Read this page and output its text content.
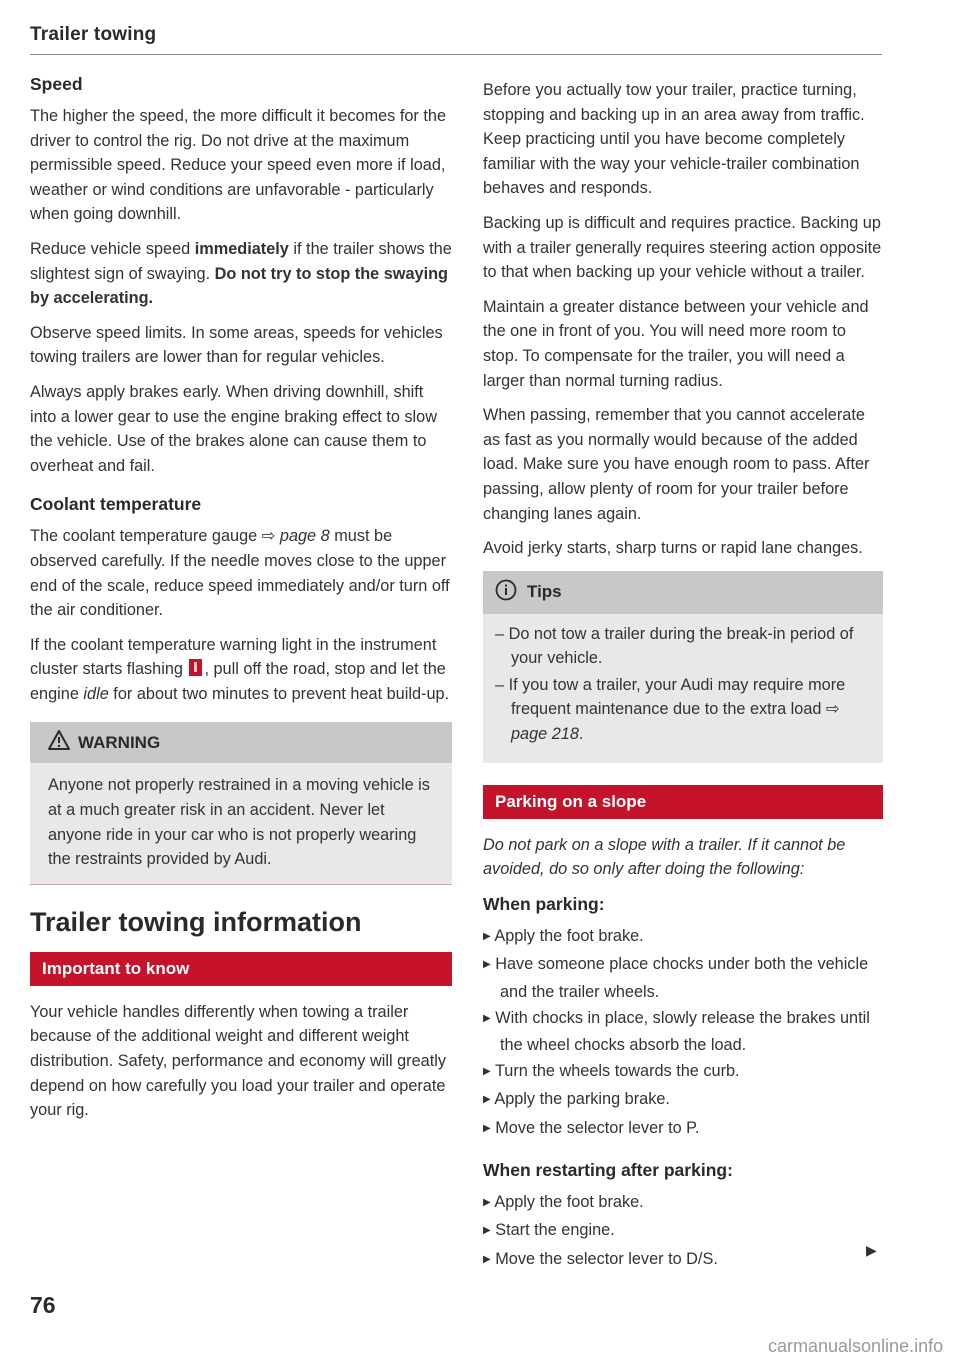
Trailer towing
Speed

The higher the speed, the more difficult it becomes for the driver to control the rig. Do not drive at the maximum permissible speed. Reduce your speed even more if load, weather or wind conditions are unfavorable - particularly when going downhill.

Reduce vehicle speed immediately if the trailer shows the slightest sign of swaying. Do not try to stop the swaying by accelerating.

Observe speed limits. In some areas, speeds for vehicles towing trailers are lower than for regular vehicles.

Always apply brakes early. When driving downhill, shift into a lower gear to use the engine braking effect to slow the vehicle. Use of the brakes alone can cause them to overheat and fail.

Coolant temperature

The coolant temperature gauge ⇨ page 8 must be observed carefully. If the needle moves close to the upper end of the scale, reduce speed immediately and/or turn off the air conditioner.

If the coolant temperature warning light in the instrument cluster starts flashing , pull off the road, stop and let the engine idle for about two minutes to prevent heat build-up.

WARNING
Anyone not properly restrained in a moving vehicle is at a much greater risk in an accident. Never let anyone ride in your car who is not properly wearing the restraints provided by Audi.
Trailer towing information
Important to know

Your vehicle handles differently when towing a trailer because of the additional weight and different weight distribution. Safety, performance and economy will greatly depend on how carefully you load your trailer and operate your rig.

Before you actually tow your trailer, practice turning, stopping and backing up in an area away from traffic. Keep practicing until you have become completely familiar with the way your vehicle-trailer combination behaves and responds.

Backing up is difficult and requires practice. Backing up with a trailer generally requires steering action opposite to that when backing up your vehicle without a trailer.

Maintain a greater distance between your vehicle and the one in front of you. You will need more room to stop. To compensate for the trailer, you will need a larger than normal turning radius.

When passing, remember that you cannot accelerate as fast as you normally would because of the added load. Make sure you have enough room to pass. After passing, allow plenty of room for your trailer before changing lanes again.

Avoid jerky starts, sharp turns or rapid lane changes.

Tips
– Do not tow a trailer during the break-in period of your vehicle.
– If you tow a trailer, your Audi may require more frequent maintenance due to the extra load ⇨ page 218.
Parking on a slope

Do not park on a slope with a trailer. If it cannot be avoided, do so only after doing the following:

When parking:
▶ Apply the foot brake.
▶ Have someone place chocks under both the vehicle and the trailer wheels.
▶ With chocks in place, slowly release the brakes until the wheel chocks absorb the load.
▶ Turn the wheels towards the curb.
▶ Apply the parking brake.
▶ Move the selector lever to P.
When restarting after parking:
▶ Apply the foot brake.
▶ Start the engine.
▶ Move the selector lever to D/S.	▶
76
carmanualsonline.info
